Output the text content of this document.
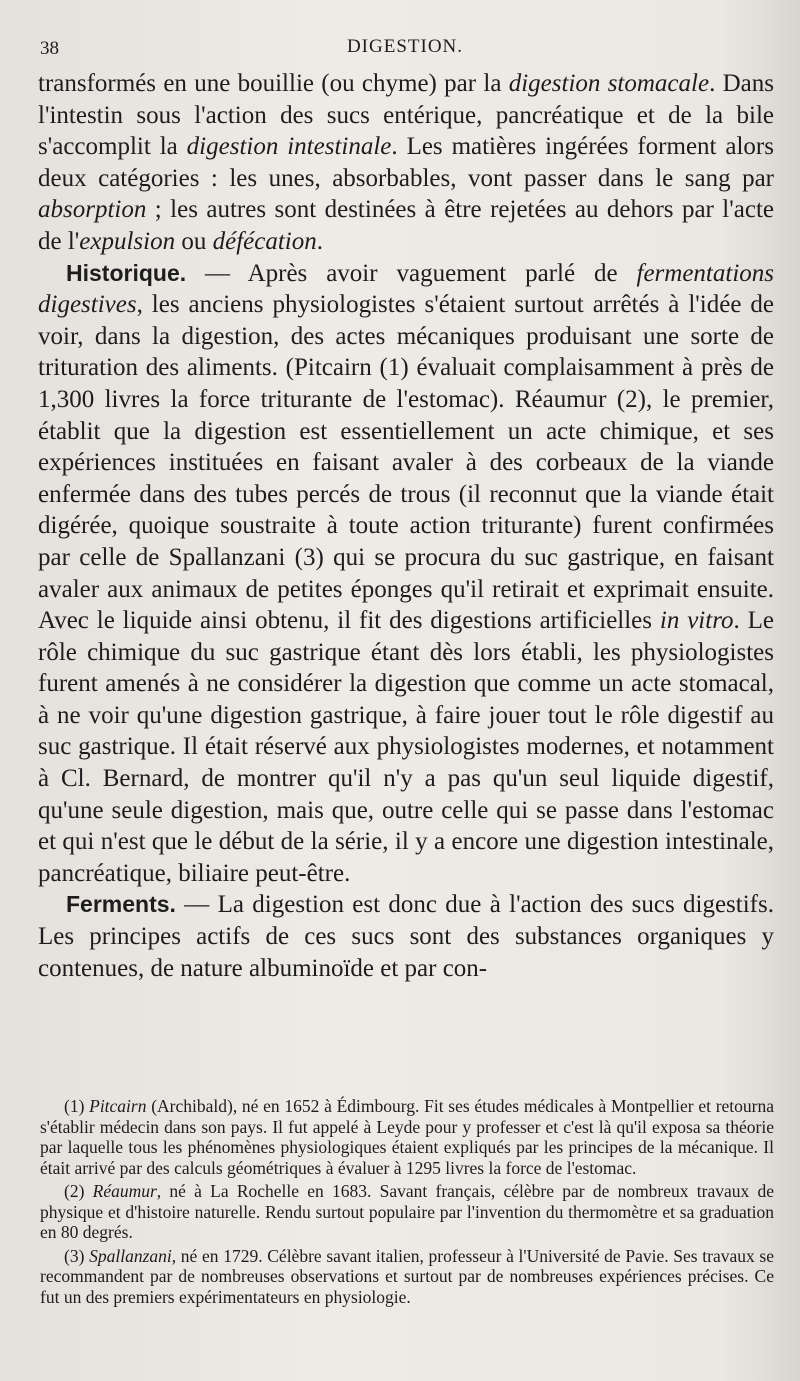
38	DIGESTION.

transformés en une bouillie (ou chyme) par la digestion stomacale. Dans l'intestin sous l'action des sucs entérique, pancréatique et de la bile s'accomplit la digestion intestinale. Les matières ingérées forment alors deux catégories : les unes, absorbables, vont passer dans le sang par absorption ; les autres sont destinées à être rejetées au dehors par l'acte de l'expulsion ou défécation.

Historique. — Après avoir vaguement parlé de fermentations digestives, les anciens physiologistes s'étaient surtout arrêtés à l'idée de voir, dans la digestion, des actes mécaniques produisant une sorte de trituration des aliments. (Pitcairn (1) évaluait complaisamment à près de 1,300 livres la force triturante de l'estomac). Réaumur (2), le premier, établit que la digestion est essentiellement un acte chimique, et ses expériences instituées en faisant avaler à des corbeaux de la viande enfermée dans des tubes percés de trous (il reconnut que la viande était digérée, quoique soustraite à toute action triturante) furent confirmées par celle de Spallanzani (3) qui se procura du suc gastrique, en faisant avaler aux animaux de petites éponges qu'il retirait et exprimait ensuite. Avec le liquide ainsi obtenu, il fit des digestions artificielles in vitro. Le rôle chimique du suc gastrique étant dès lors établi, les physiologistes furent amenés à ne considérer la digestion que comme un acte stomacal, à ne voir qu'une digestion gastrique, à faire jouer tout le rôle digestif au suc gastrique. Il était réservé aux physiologistes modernes, et notamment à Cl. Bernard, de montrer qu'il n'y a pas qu'un seul liquide digestif, qu'une seule digestion, mais que, outre celle qui se passe dans l'estomac et qui n'est que le début de la série, il y a encore une digestion intestinale, pancréatique, biliaire peut-être.

Ferments. — La digestion est donc due à l'action des sucs digestifs. Les principes actifs de ces sucs sont des substances organiques y contenues, de nature albuminoïde et par con-

(1) Pitcairn (Archibald), né en 1652 à Édimbourg. Fit ses études médicales à Montpellier et retourna s'établir médecin dans son pays. Il fut appelé à Leyde pour y professer et c'est là qu'il exposa sa théorie par laquelle tous les phénomènes physiologiques étaient expliqués par les principes de la mécanique. Il était arrivé par des calculs géométriques à évaluer à 1295 livres la force de l'estomac.

(2) Réaumur, né à La Rochelle en 1683. Savant français, célèbre par de nombreux travaux de physique et d'histoire naturelle. Rendu surtout populaire par l'invention du thermomètre et sa graduation en 80 degrés.

(3) Spallanzani, né en 1729. Célèbre savant italien, professeur à l'Université de Pavie. Ses travaux se recommandent par de nombreuses observations et surtout par de nombreuses expériences précises. Ce fut un des premiers expérimentateurs en physiologie.
